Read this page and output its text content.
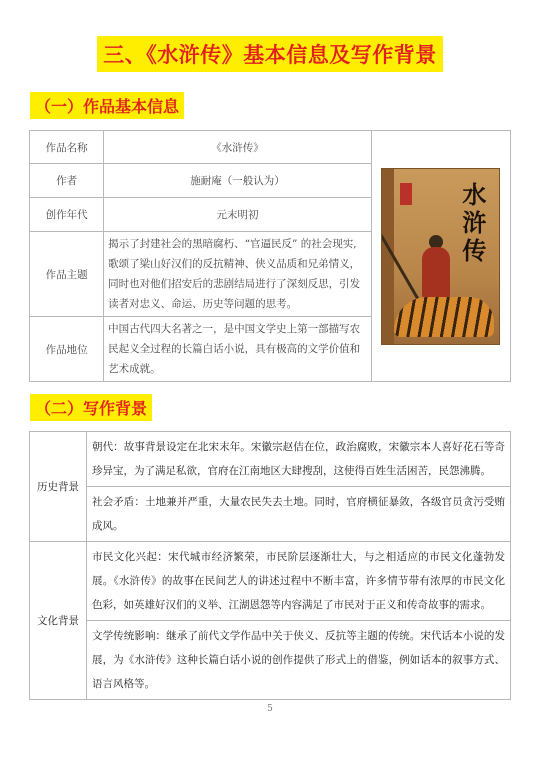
三、《水浒传》基本信息及写作背景
（一）作品基本信息
作品名称	《水浒传》	水浒传

作者	施耐庵（一般认为）	
创作年代	元末明初	
作品主题	揭示了封建社会的黑暗腐朽、“官逼民反” 的社会现实, 歌颂了梁山好汉们的反抗精神、侠义品质和兄弟情义，同时也对他们招安后的悲剧结局进行了深刻反思，引发读者对忠义、命运、历史等问题的思考。	
作品地位	中国古代四大名著之一，是中国文学史上第一部描写农民起义全过程的长篇白话小说，具有极高的文学价值和艺术成就。	
（二）写作背景
历史背景	朝代：故事背景设定在北宋末年。宋徽宗赵佶在位，政治腐败，宋徽宗本人喜好花石等奇珍异宝，为了满足私欲，官府在江南地区大肆搜刮，这使得百姓生活困苦，民怨沸腾。
	社会矛盾：土地兼并严重，大量农民失去土地。同时，官府横征暴敛，各级官员贪污受贿成风。
文化背景	市民文化兴起：宋代城市经济繁荣，市民阶层逐渐壮大，与之相适应的市民文化蓬勃发展。《水浒传》的故事在民间艺人的讲述过程中不断丰富，许多情节带有浓厚的市民文化色彩，如英雄好汉们的义举、江湖恩怨等内容满足了市民对于正义和传奇故事的需求。
	文学传统影响：继承了前代文学作品中关于侠义、反抗等主题的传统。宋代话本小说的发展，为《水浒传》这种长篇白话小说的创作提供了形式上的借鉴，例如话本的叙事方式、语言风格等。
5
